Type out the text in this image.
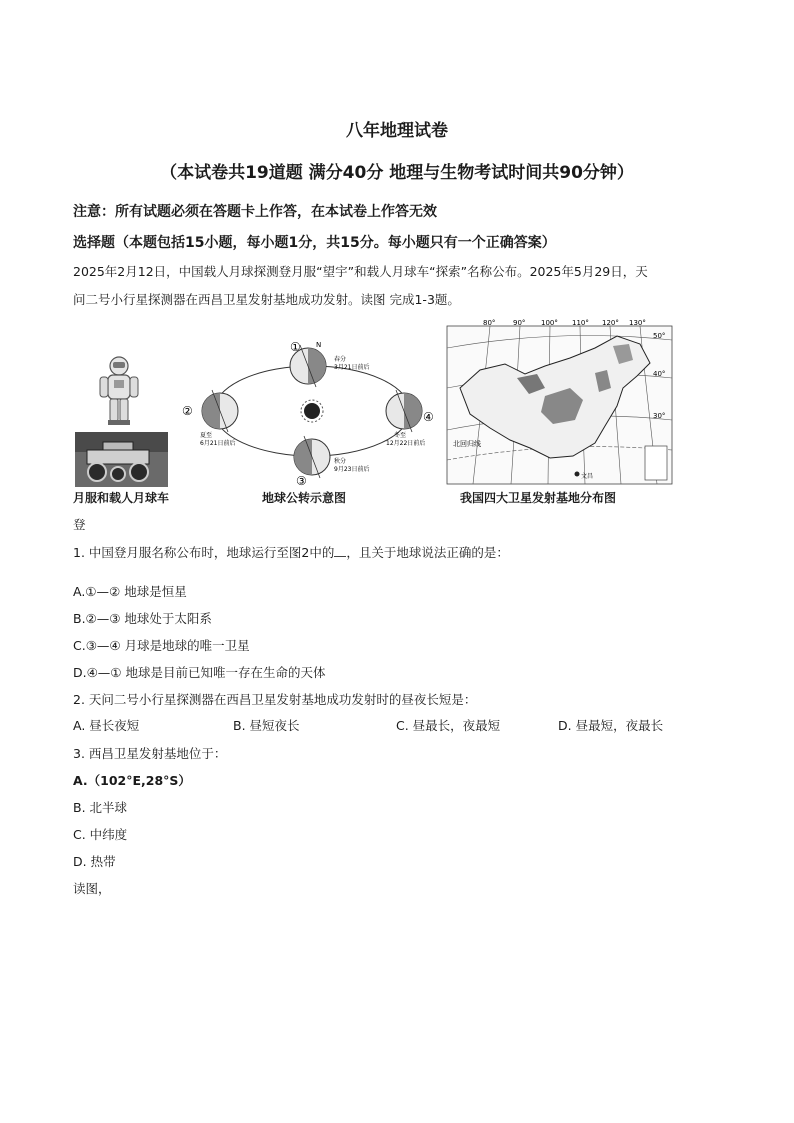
八年地理试卷
（本试卷共19道题 满分40分 地理与生物考试时间共90分钟）
注意：所有试题必须在答题卡上作答，在本试卷上作答无效
选择题（本题包括15小题，每小题1分，共15分。每小题只有一个正确答案）
2025年2月12日，中国载人月球探测登月服“望宇”和载人月球车“探索”名称公布。2025年5月29日，天
问二号小行星探测器在西昌卫星发射基地成功发射。读图 完成1-3题。
月服和载人月球车
登
①
②
③
④
N
春分
3月21日前后
夏至
6月21日前后
冬至
12月22日前后
秋分
9月23日前后
地球公转示意图
80°	90° 100° 110° 120° 130°
50°
40°
30°
北回归线
文昌
我国四大卫星发射基地分布图
1. 中国登月服名称公布时，地球运行至图2中的 ，且关于地球说法正确的是：
A.①—② 地球是恒星
B.②—③ 地球处于太阳系
C.③—④ 月球是地球的唯一卫星
D.④—① 地球是目前已知唯一存在生命的天体
2. 天问二号小行星探测器在西昌卫星发射基地成功发射时的昼夜长短是：
A. 昼长夜短	B. 昼短夜长	C. 昼最长，夜最短	D. 昼最短，夜最长
3. 西昌卫星发射基地位于：
A.（102°E,28°S）
B. 北半球
C. 中纬度
D. 热带
读图，
